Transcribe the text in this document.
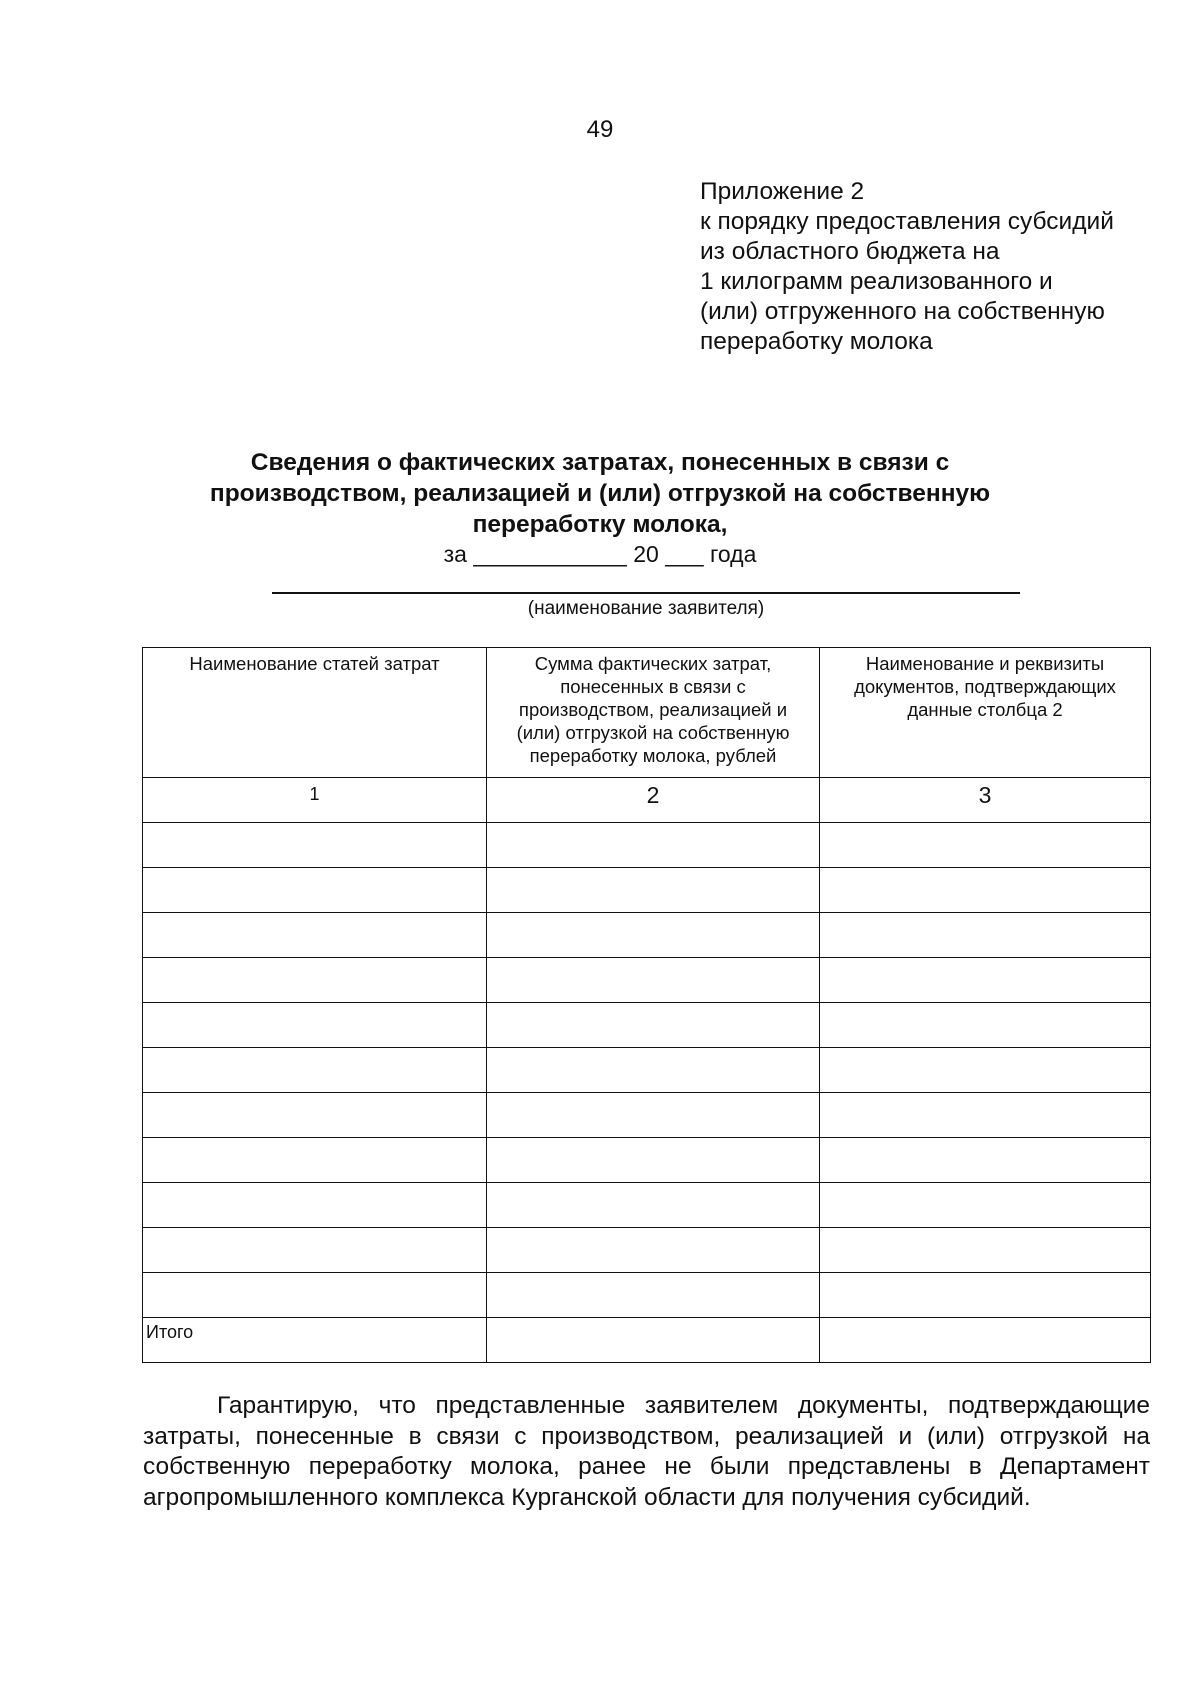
49
Приложение 2
к порядку предоставления субсидий
из областного бюджета на
1 килограмм реализованного и
(или) отгруженного на собственную
переработку молока
Сведения о фактических затратах, понесенных в связи с
производством, реализацией и (или) отгрузкой на собственную
переработку молока,
за ____________ 20 ___ года
(наименование заявителя)
Наименование статей затрат	Сумма фактических затрат, понесенных в связи с производством, реализацией и (или) отгрузкой на собственную переработку молока, рублей	Наименование и реквизиты документов, подтверждающих данные столбца 2
1	2	3

Итого		
Гарантирую, что представленные заявителем документы, подтверждающие затраты, понесенные в связи с производством, реализацией и (или) отгрузкой на собственную переработку молока, ранее не были представлены в Департамент агропромышленного комплекса Курганской области для получения субсидий.
